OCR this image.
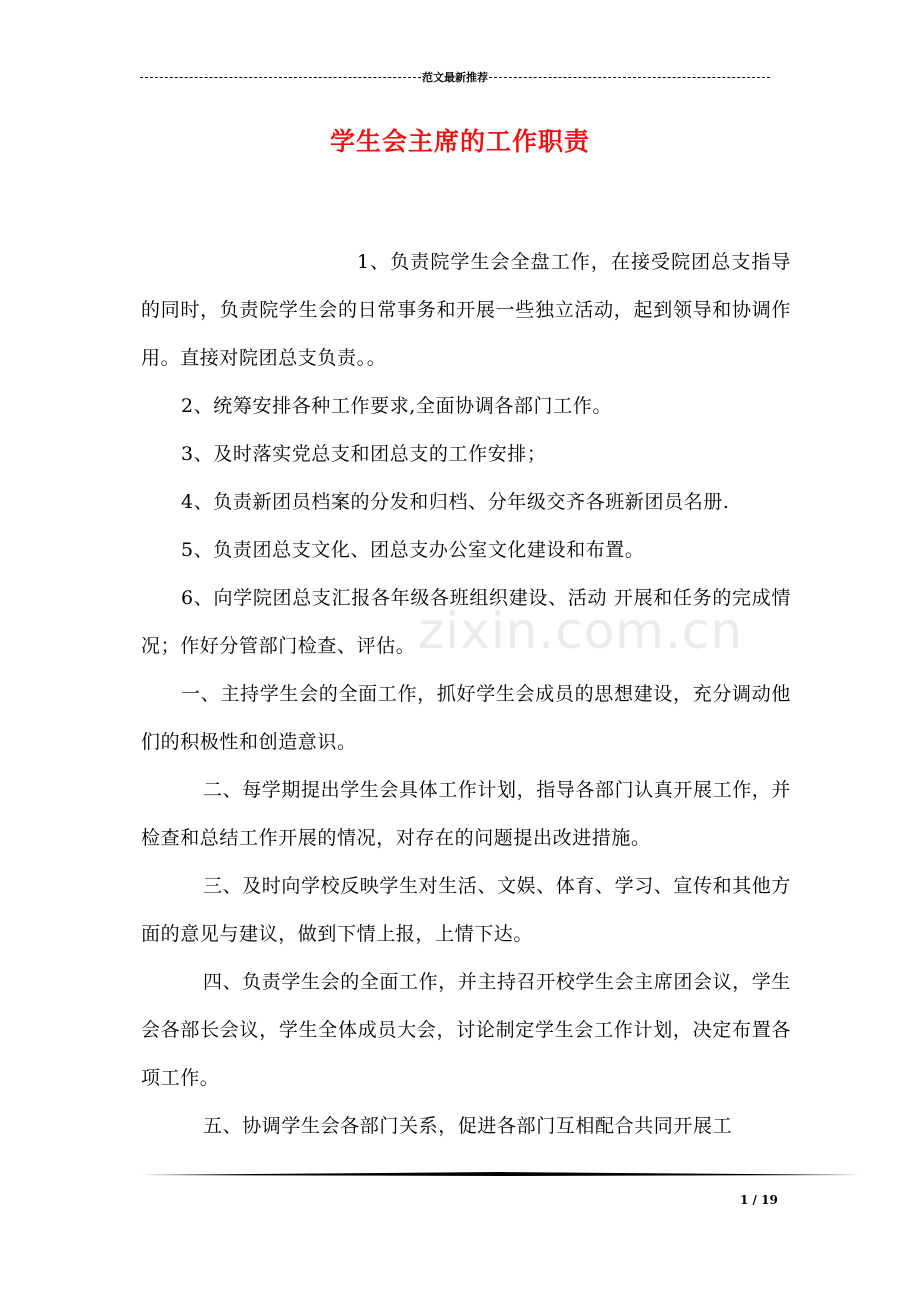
范文最新推荐
学生会主席的工作职责
zixin.com.cn

1、负责院学生会全盘工作，在接受院团总支指导的同时，负责院学生会的日常事务和开展一些独立活动，起到领导和协调作用。直接对院团总支负责。。

2、统筹安排各种工作要求,全面协调各部门工作。

3、及时落实党总支和团总支的工作安排；

4、负责新团员档案的分发和归档、分年级交齐各班新团员名册.

5、负责团总支文化、团总支办公室文化建设和布置。

6、向学院团总支汇报各年级各班组织建设、活动 开展和任务的完成情况；作好分管部门检查、评估。

一、主持学生会的全面工作，抓好学生会成员的思想建设，充分调动他们的积极性和创造意识。

二、每学期提出学生会具体工作计划，指导各部门认真开展工作，并检查和总结工作开展的情况，对存在的问题提出改进措施。

三、及时向学校反映学生对生活、文娱、体育、学习、宣传和其他方面的意见与建议，做到下情上报，上情下达。

四、负责学生会的全面工作，并主持召开校学生会主席团会议，学生会各部长会议，学生全体成员大会，讨论制定学生会工作计划，决定布置各项工作。

五、协调学生会各部门关系，促进各部门互相配合共同开展工

1 / 19
